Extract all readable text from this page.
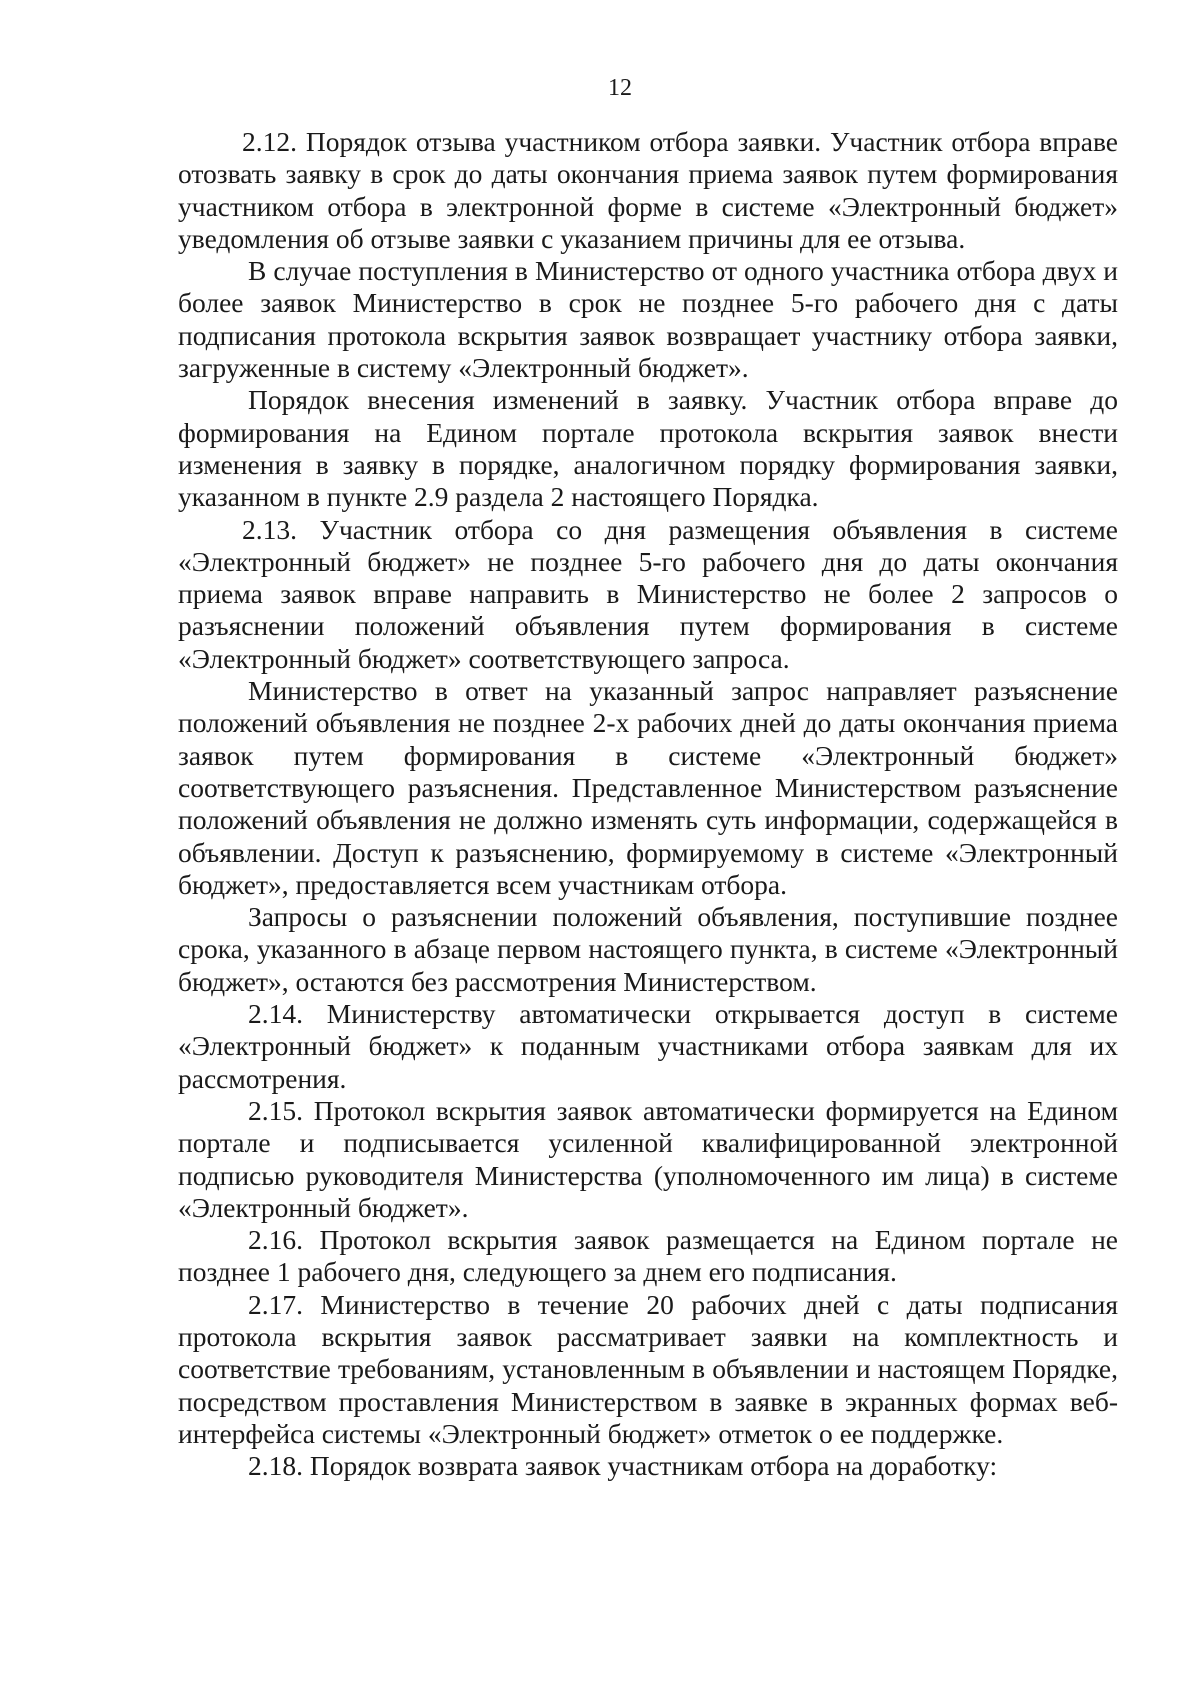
12

2.12. Порядок отзыва участником отбора заявки. Участник отбора вправе отозвать заявку в срок до даты окончания приема заявок путем формирования участником отбора в электронной форме в системе «Электронный бюджет» уведомления об отзыве заявки с указанием причины для ее отзыва.

В случае поступления в Министерство от одного участника отбора двух и более заявок Министерство в срок не позднее 5-го рабочего дня с даты подписания протокола вскрытия заявок возвращает участнику отбора заявки, загруженные в систему «Электронный бюджет».

Порядок внесения изменений в заявку. Участник отбора вправе до формирования на Едином портале протокола вскрытия заявок внести изменения в заявку в порядке, аналогичном порядку формирования заявки, указанном в пункте 2.9 раздела 2 настоящего Порядка.

2.13. Участник отбора со дня размещения объявления в системе «Электронный бюджет» не позднее 5-го рабочего дня до даты окончания приема заявок вправе направить в Министерство не более 2 запросов о разъяснении положений объявления путем формирования в системе «Электронный бюджет» соответствующего запроса.

Министерство в ответ на указанный запрос направляет разъяснение положений объявления не позднее 2-х рабочих дней до даты окончания приема заявок путем формирования в системе «Электронный бюджет» соответствующего разъяснения. Представленное Министерством разъяснение положений объявления не должно изменять суть информации, содержащейся в объявлении. Доступ к разъяснению, формируемому в системе «Электронный бюджет», предоставляется всем участникам отбора.

Запросы о разъяснении положений объявления, поступившие позднее срока, указанного в абзаце первом настоящего пункта, в системе «Электронный бюджет», остаются без рассмотрения Министерством.

2.14. Министерству автоматически открывается доступ в системе «Электронный бюджет» к поданным участниками отбора заявкам для их рассмотрения.

2.15. Протокол вскрытия заявок автоматически формируется на Едином портале и подписывается усиленной квалифицированной электронной подписью руководителя Министерства (уполномоченного им лица) в системе «Электронный бюджет».

2.16. Протокол вскрытия заявок размещается на Едином портале не позднее 1 рабочего дня, следующего за днем его подписания.

2.17. Министерство в течение 20 рабочих дней с даты подписания протокола вскрытия заявок рассматривает заявки на комплектность и соответствие требованиям, установленным в объявлении и настоящем Порядке, посредством проставления Министерством в заявке в экранных формах веб-интерфейса системы «Электронный бюджет» отметок о ее поддержке.

2.18. Порядок возврата заявок участникам отбора на доработку:
